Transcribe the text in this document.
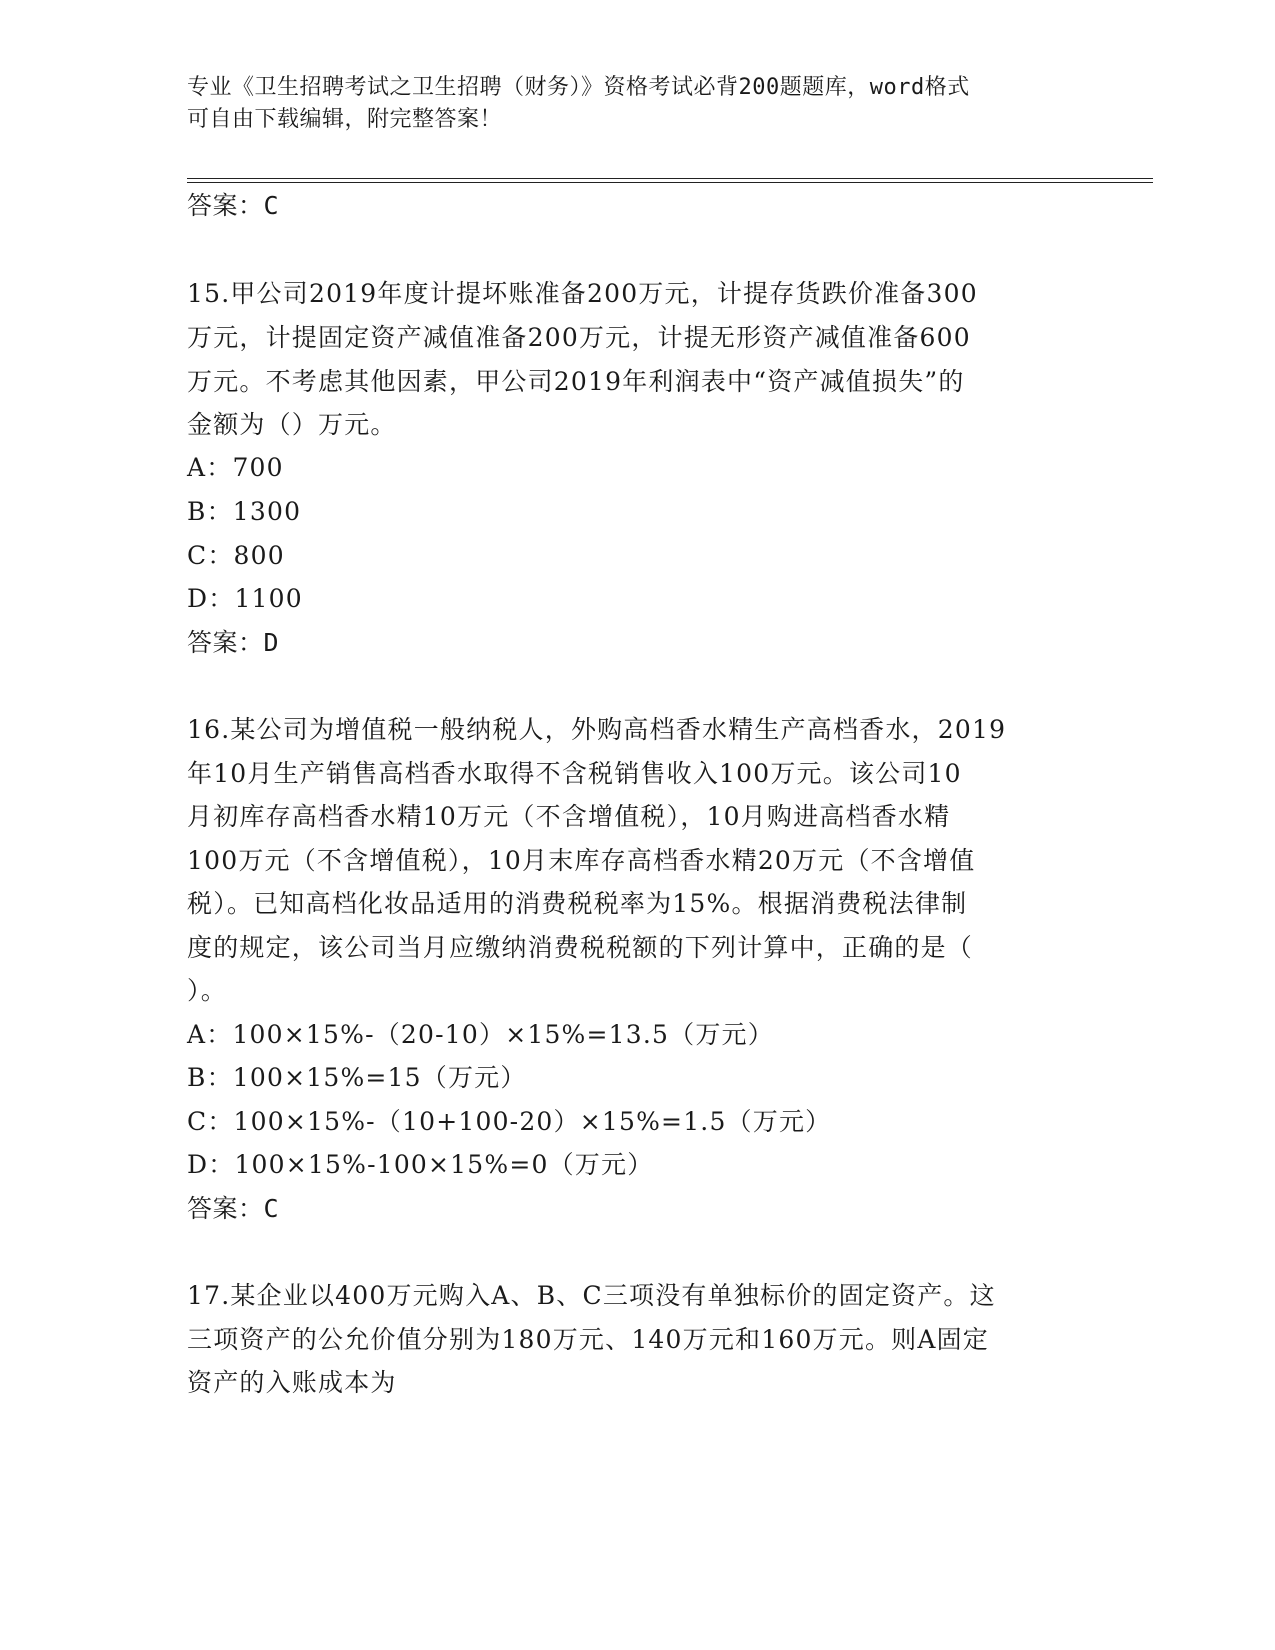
专业《卫生招聘考试之卫生招聘（财务）》资格考试必背200题题库，word格式
可自由下载编辑，附完整答案！
答案：C
15.甲公司2019年度计提坏账准备200万元，计提存货跌价准备300
万元，计提固定资产减值准备200万元，计提无形资产减值准备600
万元。不考虑其他因素，甲公司2019年利润表中“资产减值损失”的
金额为（）万元。
A：700
B：1300
C：800
D：1100
答案：D
16.某公司为增值税一般纳税人，外购高档香水精生产高档香水，2019
年10月生产销售高档香水取得不含税销售收入100万元。该公司10
月初库存高档香水精10万元（不含增值税），10月购进高档香水精
100万元（不含增值税），10月末库存高档香水精20万元（不含增值
税）。已知高档化妆品适用的消费税税率为15%。根据消费税法律制
度的规定，该公司当月应缴纳消费税税额的下列计算中，正确的是（
）。
A：100×15%-（20-10）×15%=13.5（万元）
B：100×15%=15（万元）
C：100×15%-（10+100-20）×15%=1.5（万元）
D：100×15%-100×15%=0（万元）
答案：C
17.某企业以400万元购入A、B、C三项没有单独标价的固定资产。这
三项资产的公允价值分别为180万元、140万元和160万元。则A固定
资产的入账成本为
